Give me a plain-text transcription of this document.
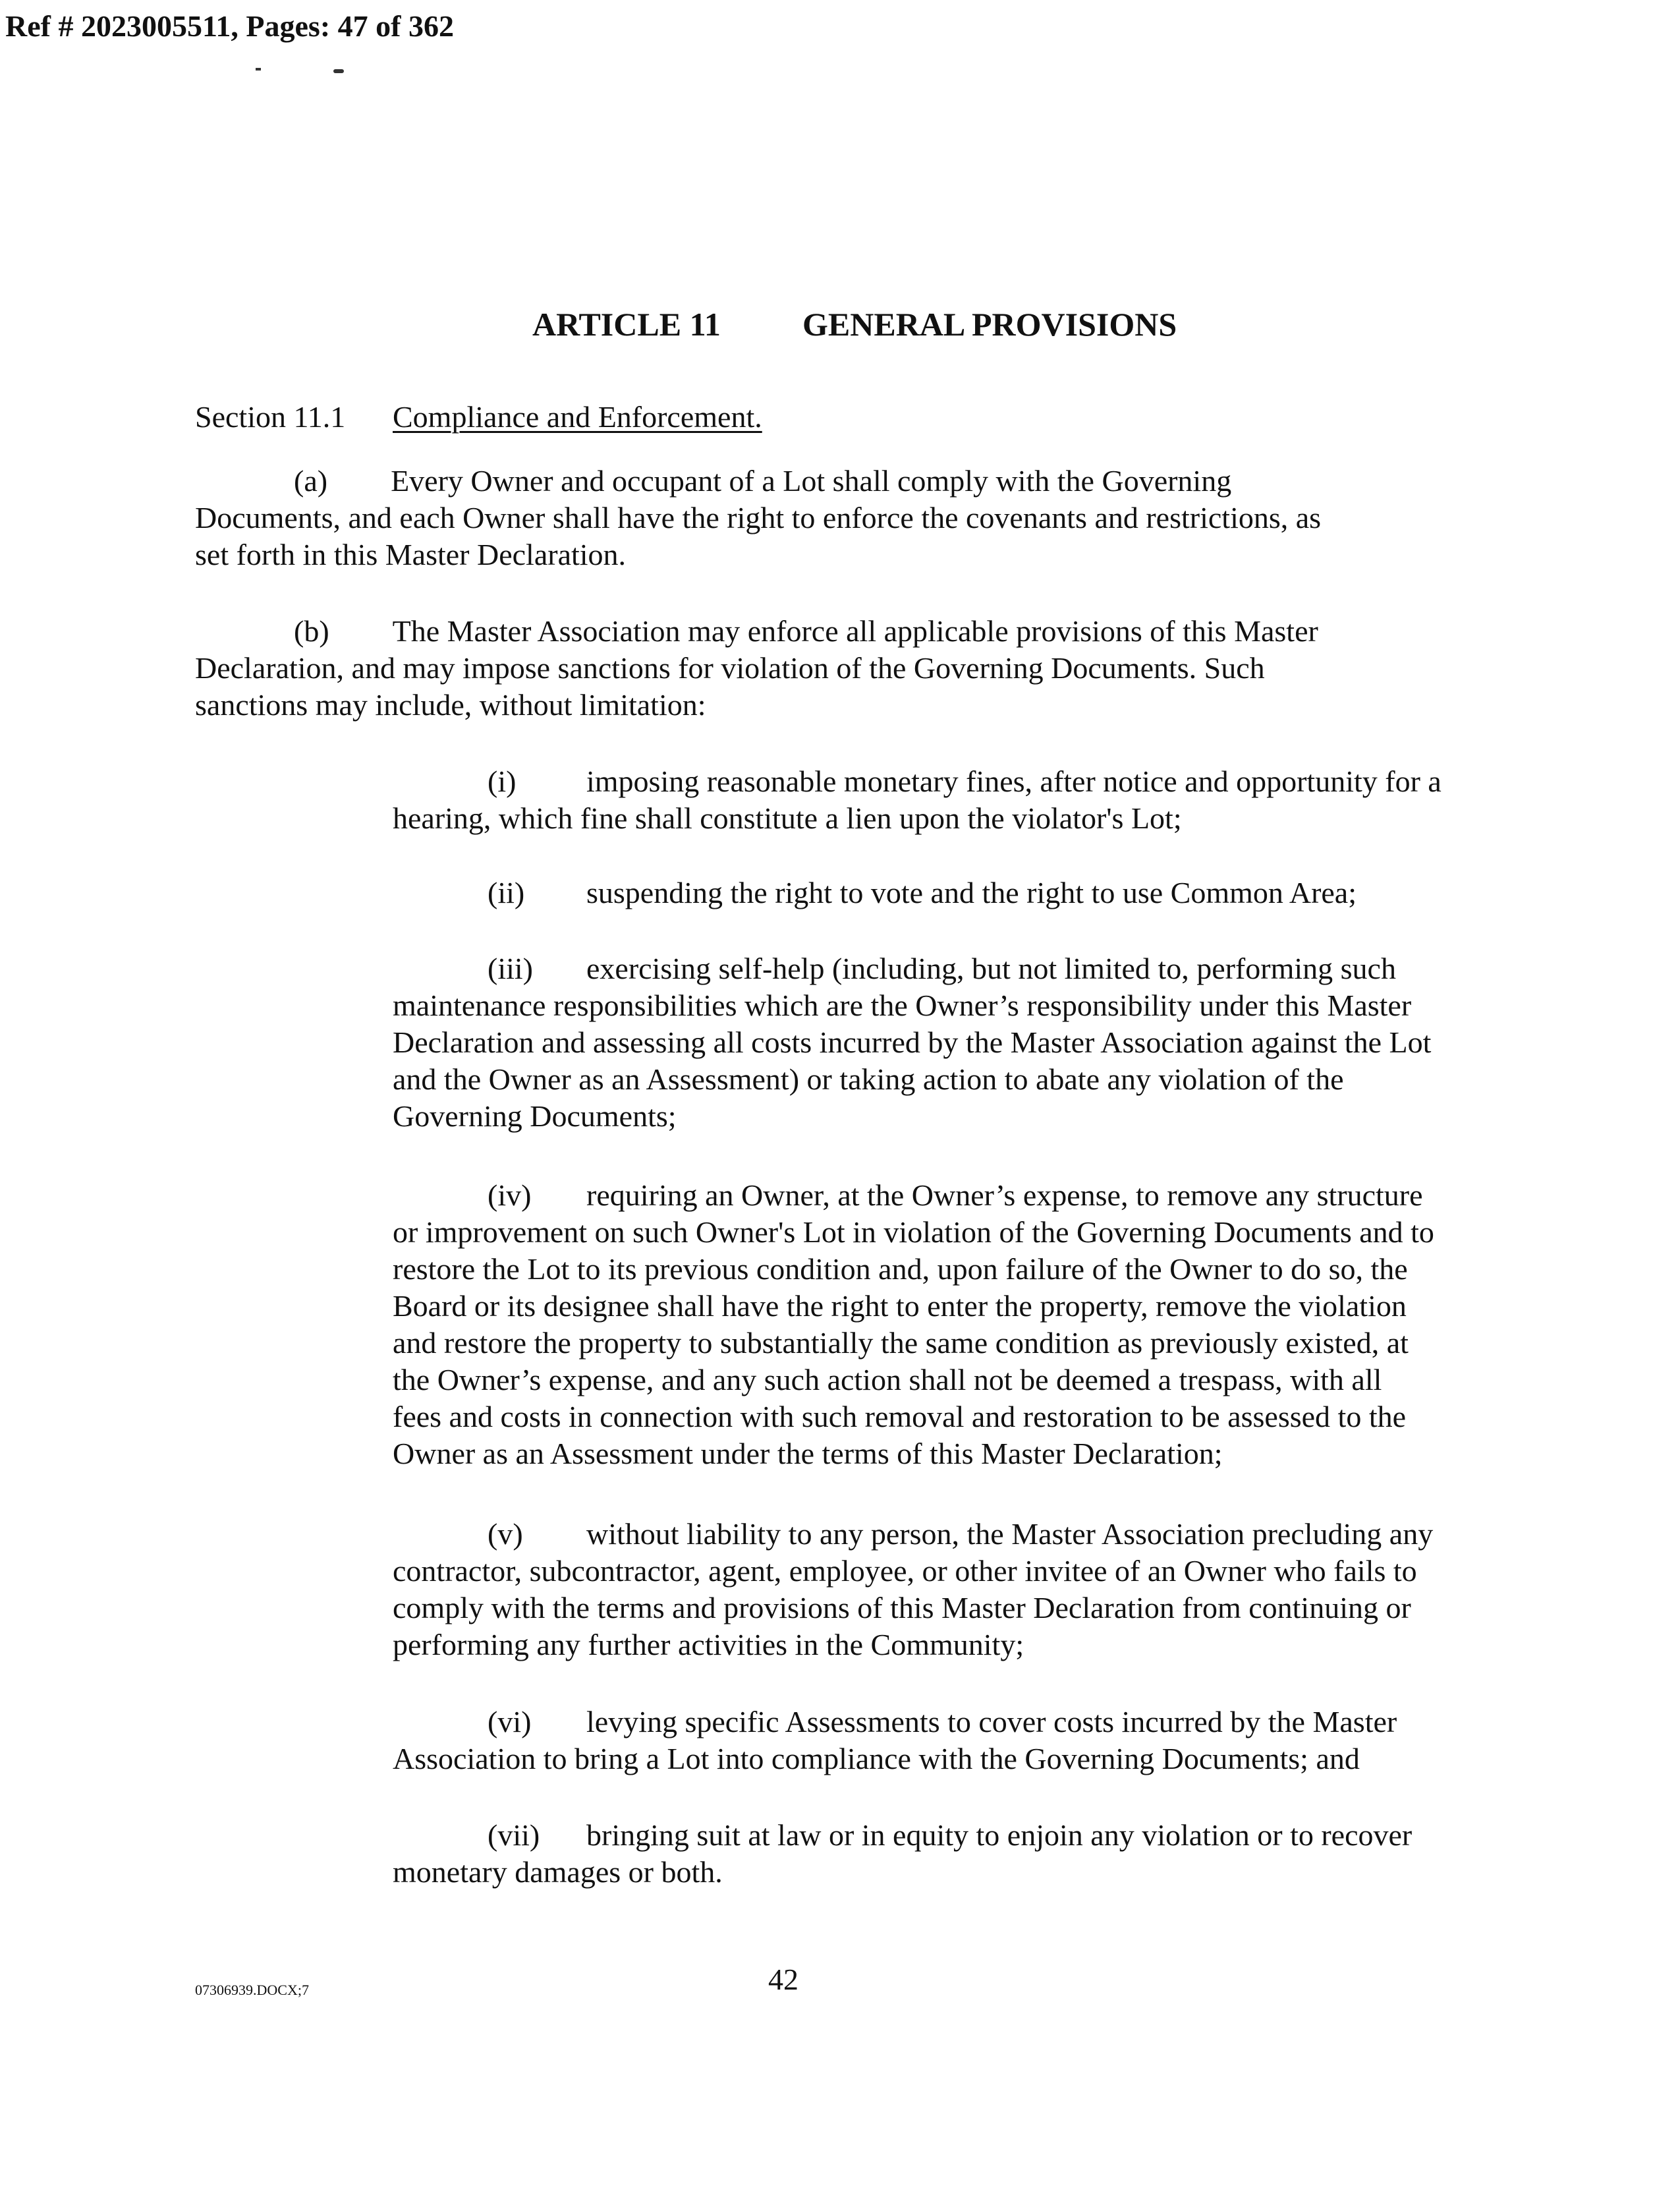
Ref # 2023005511, Pages: 47 of 362
ARTICLE 11 GENERAL PROVISIONS
Section 11.1 Compliance and Enforcement.
(a) Every Owner and occupant of a Lot shall comply with the Governing
Documents, and each Owner shall have the right to enforce the covenants and restrictions, as
set forth in this Master Declaration.
(b) The Master Association may enforce all applicable provisions of this Master
Declaration, and may impose sanctions for violation of the Governing Documents. Such
sanctions may include, without limitation:
(i) imposing reasonable monetary fines, after notice and opportunity for a
hearing, which fine shall constitute a lien upon the violator's Lot;
(ii) suspending the right to vote and the right to use Common Area;
(iii) exercising self-help (including, but not limited to, performing such
maintenance responsibilities which are the Owner’s responsibility under this Master
Declaration and assessing all costs incurred by the Master Association against the Lot
and the Owner as an Assessment) or taking action to abate any violation of the
Governing Documents;
(iv) requiring an Owner, at the Owner’s expense, to remove any structure
or improvement on such Owner's Lot in violation of the Governing Documents and to
restore the Lot to its previous condition and, upon failure of the Owner to do so, the
Board or its designee shall have the right to enter the property, remove the violation
and restore the property to substantially the same condition as previously existed, at
the Owner’s expense, and any such action shall not be deemed a trespass, with all
fees and costs in connection with such removal and restoration to be assessed to the
Owner as an Assessment under the terms of this Master Declaration;
(v) without liability to any person, the Master Association precluding any
contractor, subcontractor, agent, employee, or other invitee of an Owner who fails to
comply with the terms and provisions of this Master Declaration from continuing or
performing any further activities in the Community;
(vi) levying specific Assessments to cover costs incurred by the Master
Association to bring a Lot into compliance with the Governing Documents; and
(vii) bringing suit at law or in equity to enjoin any violation or to recover
monetary damages or both.
07306939.DOCX;7	42
